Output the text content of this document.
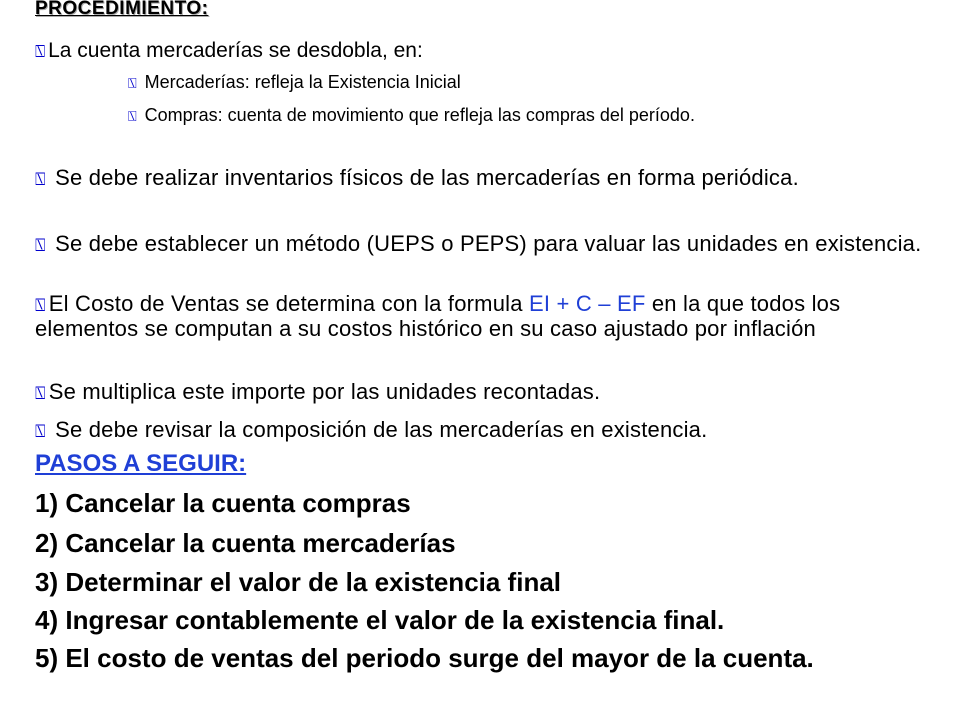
PROCEDIMIENTO:
⍂ La cuenta mercaderías se desdobla, en:
⍂ Mercaderías: refleja la Existencia Inicial
⍂ Compras: cuenta de movimiento que refleja las compras del período.
⍂ Se debe realizar inventarios físicos de las mercaderías en forma periódica.
⍂ Se debe establecer un método (UEPS o PEPS) para valuar las unidades en existencia.
⍂ El Costo de Ventas se determina con la formula EI + C – EF en la que todos los elementos se computan a su costos histórico en su caso ajustado por inflación
⍂ Se multiplica este importe por las unidades recontadas.
⍂ Se debe revisar la composición de las mercaderías en existencia.
PASOS A SEGUIR:
1) Cancelar la cuenta compras
2) Cancelar la cuenta mercaderías
3) Determinar el valor de la existencia final
4) Ingresar contablemente el valor de la existencia final.
5) El costo de ventas del periodo surge del mayor de la cuenta.
